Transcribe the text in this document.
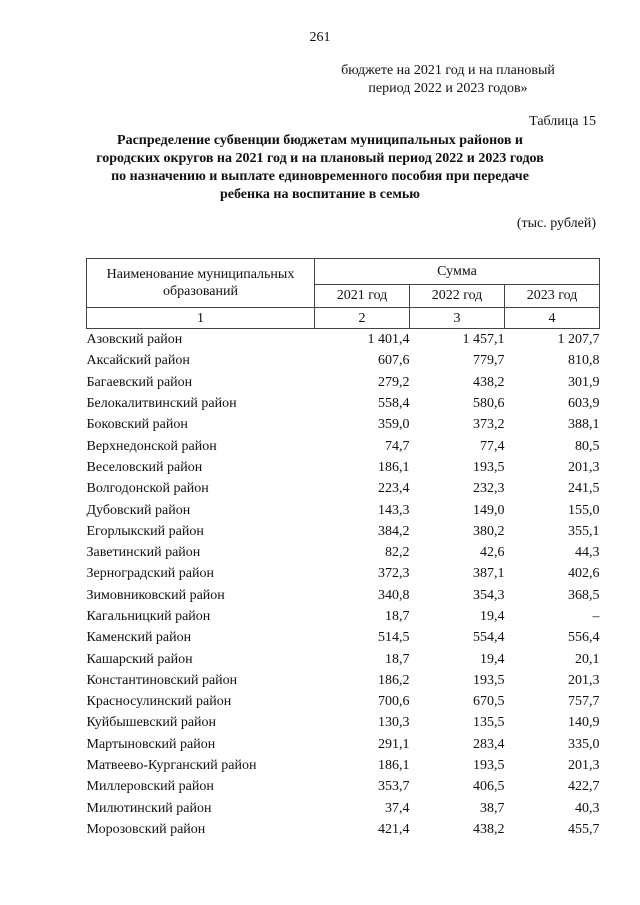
261
бюджете на 2021 год и на плановый
период 2022 и 2023 годов»
Таблица 15
Распределение субвенции бюджетам муниципальных районов и
городских округов на 2021 год и на плановый период 2022 и 2023 годов
по назначению и выплате единовременного пособия при передаче
ребенка на воспитание в семью
(тыс. рублей)
Наименование муниципальных образований	Сумма		
	2021 год	2022 год	2023 год
1	2	3	4
Азовский район	1 401,4	1 457,1	1 207,7
Аксайский район	607,6	779,7	810,8
Багаевский район	279,2	438,2	301,9
Белокалитвинский район	558,4	580,6	603,9
Боковский район	359,0	373,2	388,1
Верхнедонской район	74,7	77,4	80,5
Веселовский район	186,1	193,5	201,3
Волгодонской район	223,4	232,3	241,5
Дубовский район	143,3	149,0	155,0
Егорлыкский район	384,2	380,2	355,1
Заветинский район	82,2	42,6	44,3
Зерноградский район	372,3	387,1	402,6
Зимовниковский район	340,8	354,3	368,5
Кагальницкий район	18,7	19,4	–
Каменский район	514,5	554,4	556,4
Кашарский район	18,7	19,4	20,1
Константиновский район	186,2	193,5	201,3
Красносулинский район	700,6	670,5	757,7
Куйбышевский район	130,3	135,5	140,9
Мартыновский район	291,1	283,4	335,0
Матвеево-Курганский район	186,1	193,5	201,3
Миллеровский район	353,7	406,5	422,7
Милютинский район	37,4	38,7	40,3
Морозовский район	421,4	438,2	455,7
